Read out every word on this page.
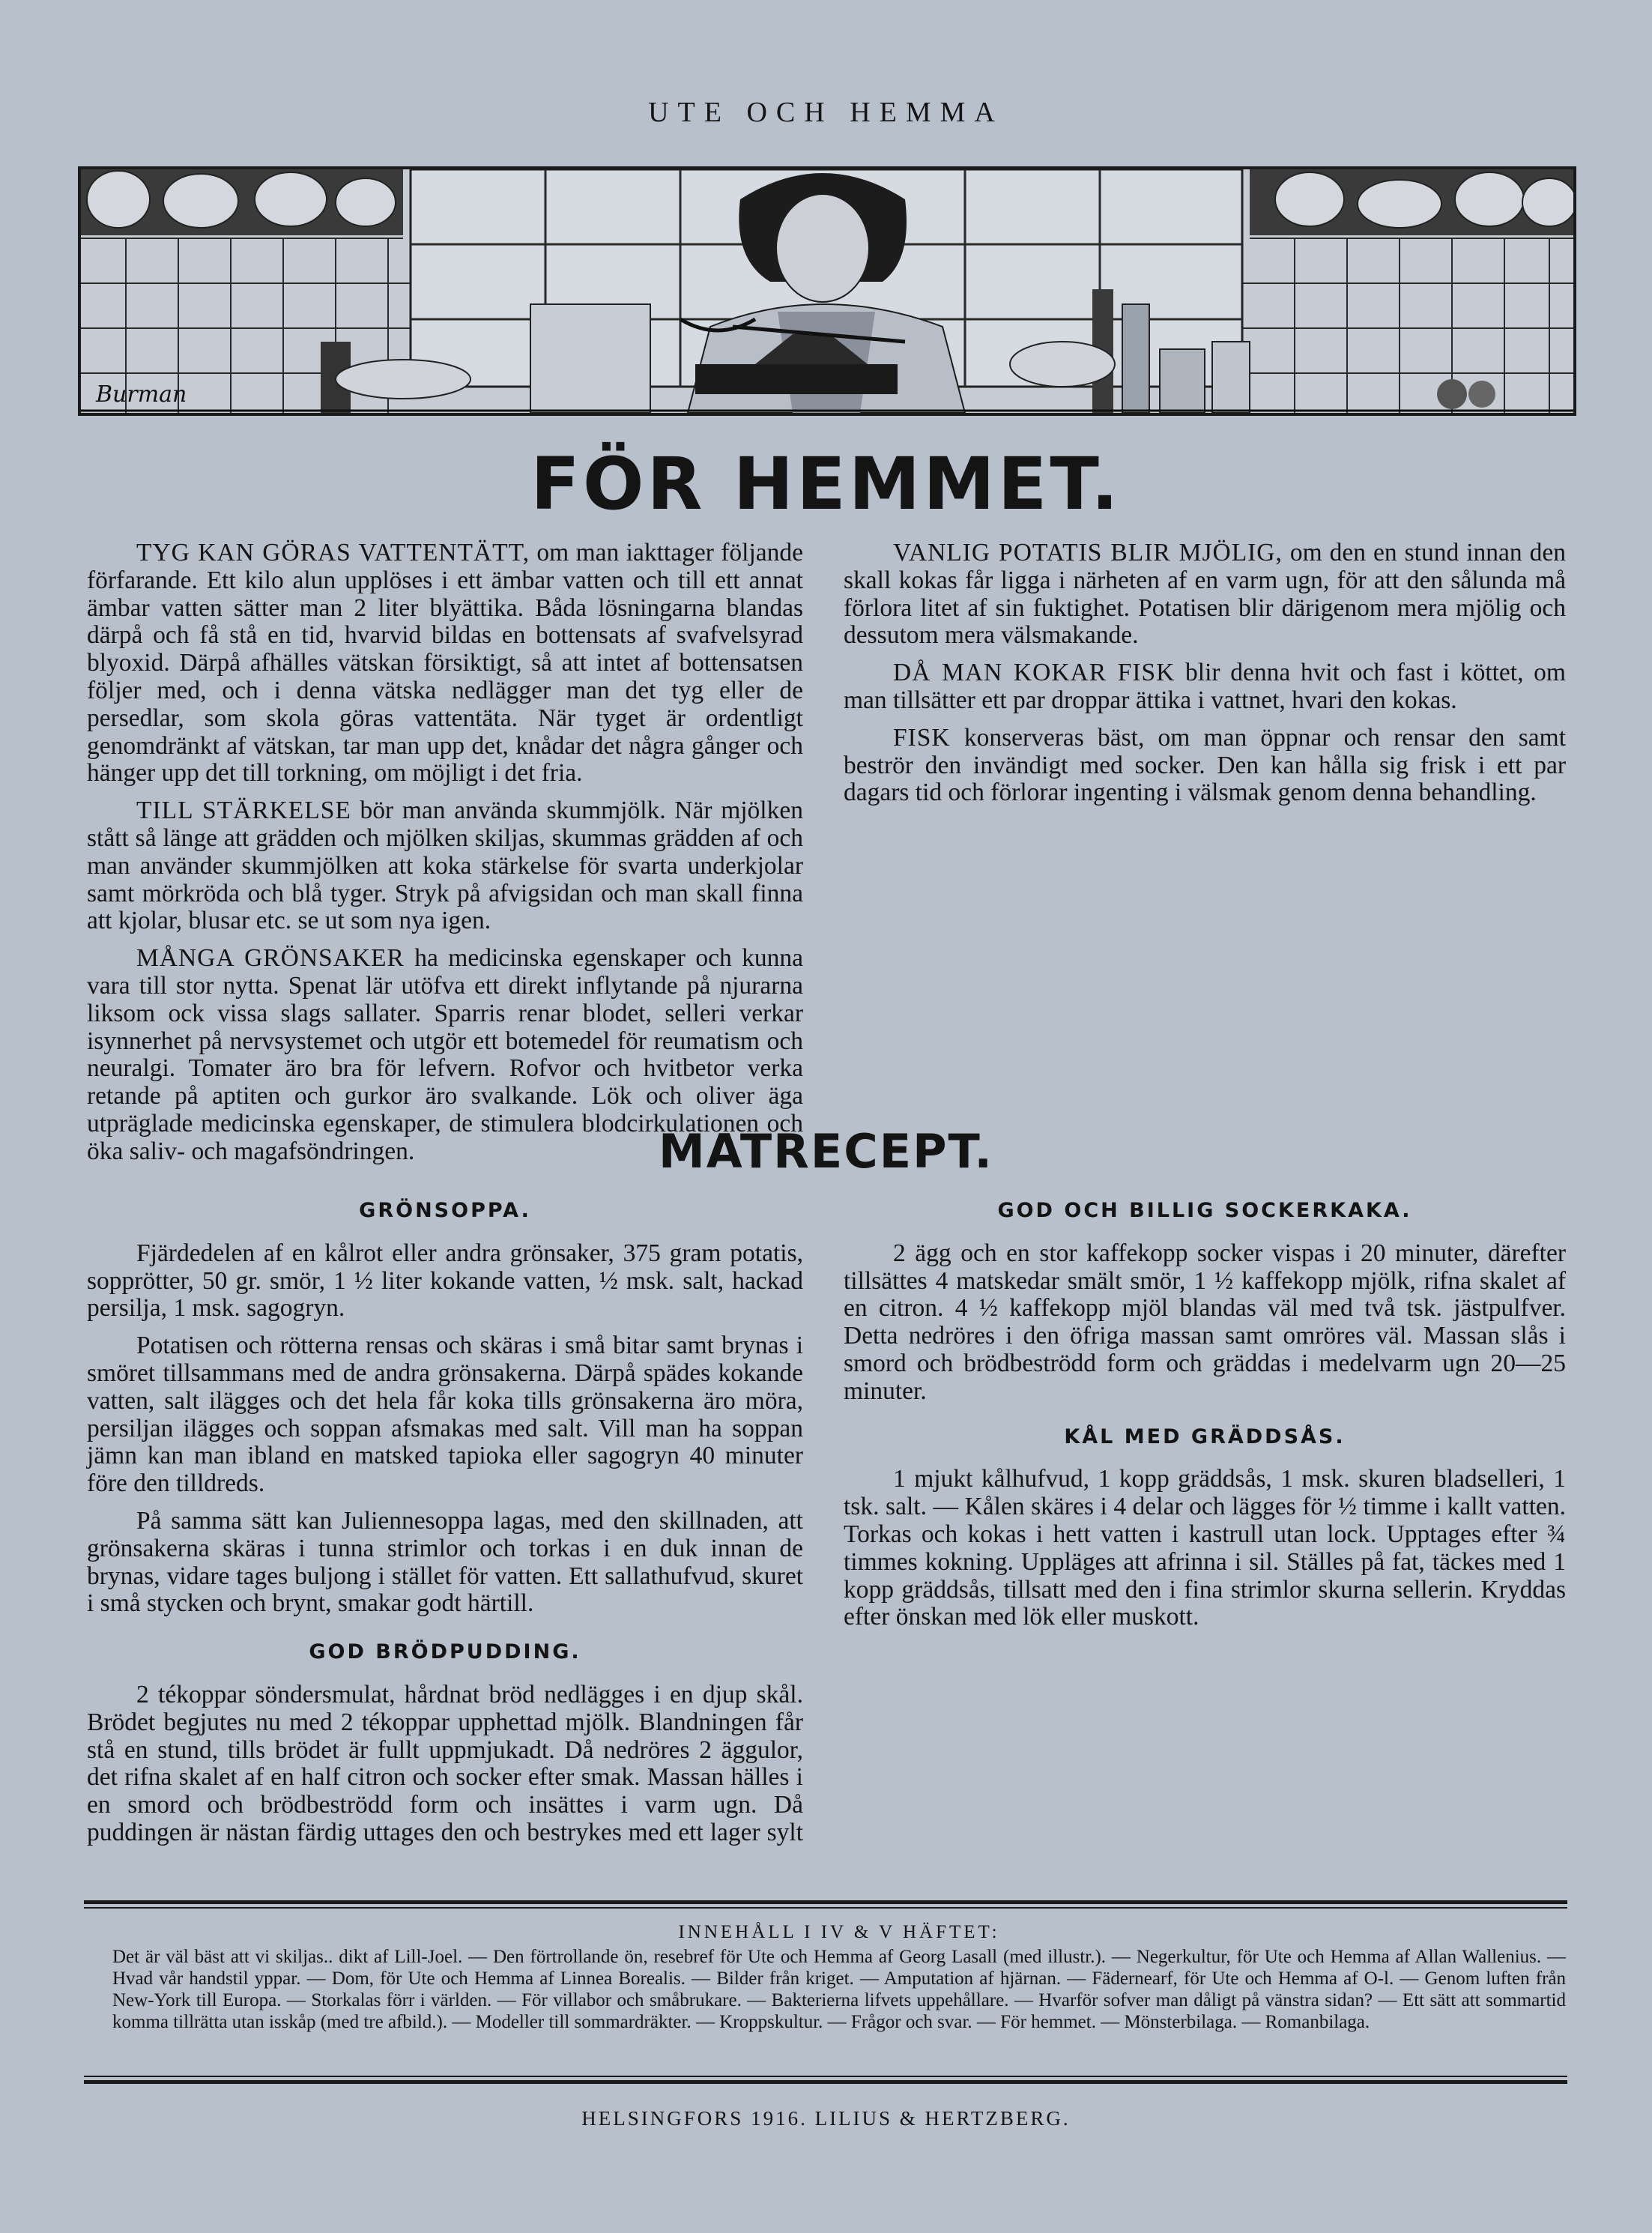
UTE OCH HEMMA
Burman
FÖR HEMMET.

TYG KAN GÖRAS VATTENTÄTT, om man iakttager följande förfarande. Ett kilo alun upplöses i ett ämbar vatten och till ett annat ämbar vatten sätter man 2 liter blyättika. Båda lösningarna blandas därpå och få stå en tid, hvarvid bildas en bottensats af svafvelsyrad blyoxid. Därpå afhälles vätskan försiktigt, så att intet af bottensatsen följer med, och i denna vätska nedlägger man det tyg eller de persedlar, som skola göras vattentäta. När tyget är ordentligt genomdränkt af vätskan, tar man upp det, knådar det några gånger och hänger upp det till torkning, om möjligt i det fria.

TILL STÄRKELSE bör man använda skummjölk. När mjölken stått så länge att grädden och mjölken skiljas, skummas grädden af och man använder skummjölken att koka stärkelse för svarta underkjolar samt mörkröda och blå tyger. Stryk på afvigsidan och man skall finna att kjolar, blusar etc. se ut som nya igen.

MÅNGA GRÖNSAKER ha medicinska egenskaper och kunna vara till stor nytta. Spenat lär utöfva ett direkt inflytande på njurarna liksom ock vissa slags sallater. Sparris renar blodet, selleri verkar isynnerhet på nervsystemet och utgör ett botemedel för reumatism och neuralgi. Tomater äro bra för lefvern. Rofvor och hvitbetor verka retande på aptiten och gurkor äro svalkande. Lök och oliver äga utpräglade medicinska egenskaper, de stimulera blodcirkulationen och öka saliv- och magafsöndringen.

VANLIG POTATIS BLIR MJÖLIG, om den en stund innan den skall kokas får ligga i närheten af en varm ugn, för att den sålunda må förlora litet af sin fuktighet. Potatisen blir därigenom mera mjölig och dessutom mera välsmakande.

DÅ MAN KOKAR FISK blir denna hvit och fast i köttet, om man tillsätter ett par droppar ättika i vattnet, hvari den kokas.

FISK konserveras bäst, om man öppnar och rensar den samt beströr den invändigt med socker. Den kan hålla sig frisk i ett par dagars tid och förlorar ingenting i välsmak genom denna behandling.

MATRECEPT.
GRÖNSOPPA.

Fjärdedelen af en kålrot eller andra grönsaker, 375 gram potatis, sopprötter, 50 gr. smör, 1 ½ liter kokande vatten, ½ msk. salt, hackad persilja, 1 msk. sagogryn.

Potatisen och rötterna rensas och skäras i små bitar samt brynas i smöret tillsammans med de andra grönsakerna. Därpå spädes kokande vatten, salt ilägges och det hela får koka tills grönsakerna äro möra, persiljan ilägges och soppan afsmakas med salt. Vill man ha soppan jämn kan man ibland en matsked tapioka eller sagogryn 40 minuter före den tilldreds.

På samma sätt kan Juliennesoppa lagas, med den skillnaden, att grönsakerna skäras i tunna strimlor och torkas i en duk innan de brynas, vidare tages buljong i stället för vatten. Ett sallathufvud, skuret i små stycken och brynt, smakar godt härtill.

GOD BRÖDPUDDING.

2 tékoppar söndersmulat, hårdnat bröd nedlägges i en djup skål. Brödet begjutes nu med 2 tékoppar upphettad mjölk. Blandningen får stå en stund, tills brödet är fullt uppmjukadt. Då nedröres 2 äggulor, det rifna skalet af en half citron och socker efter smak. Massan hälles i en smord och brödbeströdd form och insättes i varm ugn. Då puddingen är nästan färdig uttages den och bestrykes med ett lager sylt

GOD OCH BILLIG SOCKERKAKA.

2 ägg och en stor kaffekopp socker vispas i 20 minuter, därefter tillsättes 4 matskedar smält smör, 1 ½ kaffekopp mjölk, rifna skalet af en citron. 4 ½ kaffekopp mjöl blandas väl med två tsk. jästpulfver. Detta nedröres i den öfriga massan samt omröres väl. Massan slås i smord och brödbeströdd form och gräddas i medelvarm ugn 20—25 minuter.

KÅL MED GRÄDDSÅS.

1 mjukt kålhufvud, 1 kopp gräddsås, 1 msk. skuren bladselleri, 1 tsk. salt. — Kålen skäres i 4 delar och lägges för ½ timme i kallt vatten. Torkas och kokas i hett vatten i kastrull utan lock. Upptages efter ¾ timmes kokning. Uppläges att afrinna i sil. Ställes på fat, täckes med 1 kopp gräddsås, tillsatt med den i fina strimlor skurna sellerin. Kryddas efter önskan med lök eller muskott.

INNEHÅLL I IV & V HÄFTET:
Det är väl bäst att vi skiljas.. dikt af Lill-Joel. — Den förtrollande ön, resebref för Ute och Hemma af Georg Lasall (med illustr.). — Negerkultur, för Ute och Hemma af Allan Wallenius. — Hvad vår handstil yppar. — Dom, för Ute och Hemma af Linnea Borealis. — Bilder från kriget. — Amputation af hjärnan. — Fädernearf, för Ute och Hemma af O-l. — Genom luften från New-York till Europa. — Storkalas förr i världen. — För villabor och småbrukare. — Bakterierna lifvets uppehållare. — Hvarför sofver man dåligt på vänstra sidan? — Ett sätt att sommartid komma tillrätta utan isskåp (med tre afbild.). — Modeller till sommardräkter. — Kroppskultur. — Frågor och svar. — För hemmet. — Mönsterbilaga. — Romanbilaga.
HELSINGFORS 1916. LILIUS & HERTZBERG.
